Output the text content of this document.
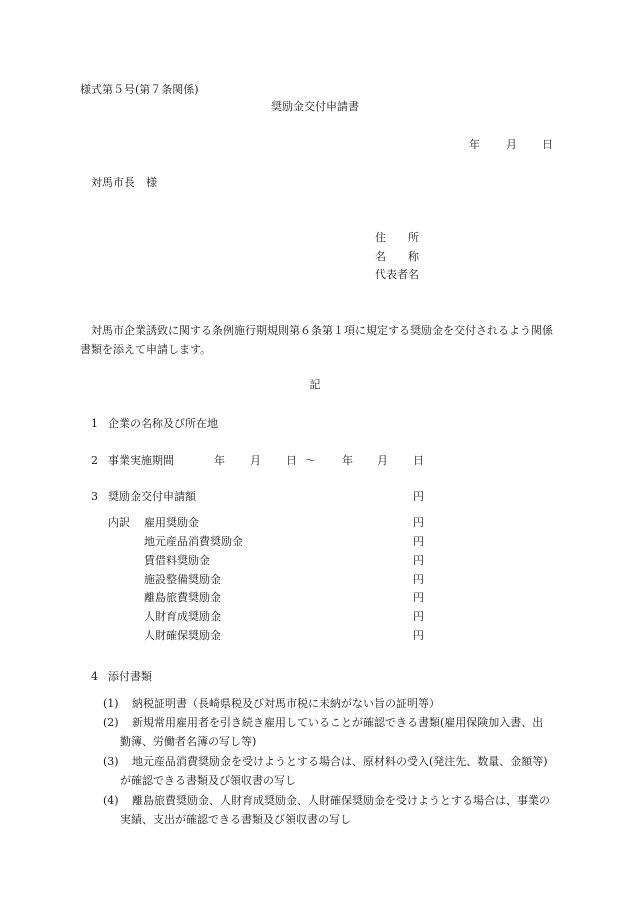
様式第５号(第７条関係)
奨励金交付申請書
年 月 日
対馬市長　様
住　　所
名　　称
代表者名
　対馬市企業誘致に関する条例施行期規則第６条第１項に規定する奨励金を交付されるよう関係書類を添えて申請します。
記
1 企業の名称及び所在地
2 事業実施期間	年 月 日 ～ 年 月 日
3 奨励金交付申請額	円
内訳 雇用奨励金	円
地元産品消費奨励金	円
賃借料奨励金	円
施設整備奨励金	円
離島旅費奨励金	円
人財育成奨励金	円
人財確保奨励金	円
4 添付書類
(1) 納税証明書（長崎県税及び対馬市税に未納がない旨の証明等）
(2)	新規常用雇用者を引き続き雇用していることが確認できる書類(雇用保険加入書、出勤簿、労働者名簿の写し等)
(3)	地元産品消費奨励金を受けようとする場合は、原材料の受入(発注先、数量、金額等)が確認できる書類及び領収書の写し
(4)	離島旅費奨励金、人財育成奨励金、人財確保奨励金を受けようとする場合は、事業の実績、支出が確認できる書類及び領収書の写し
